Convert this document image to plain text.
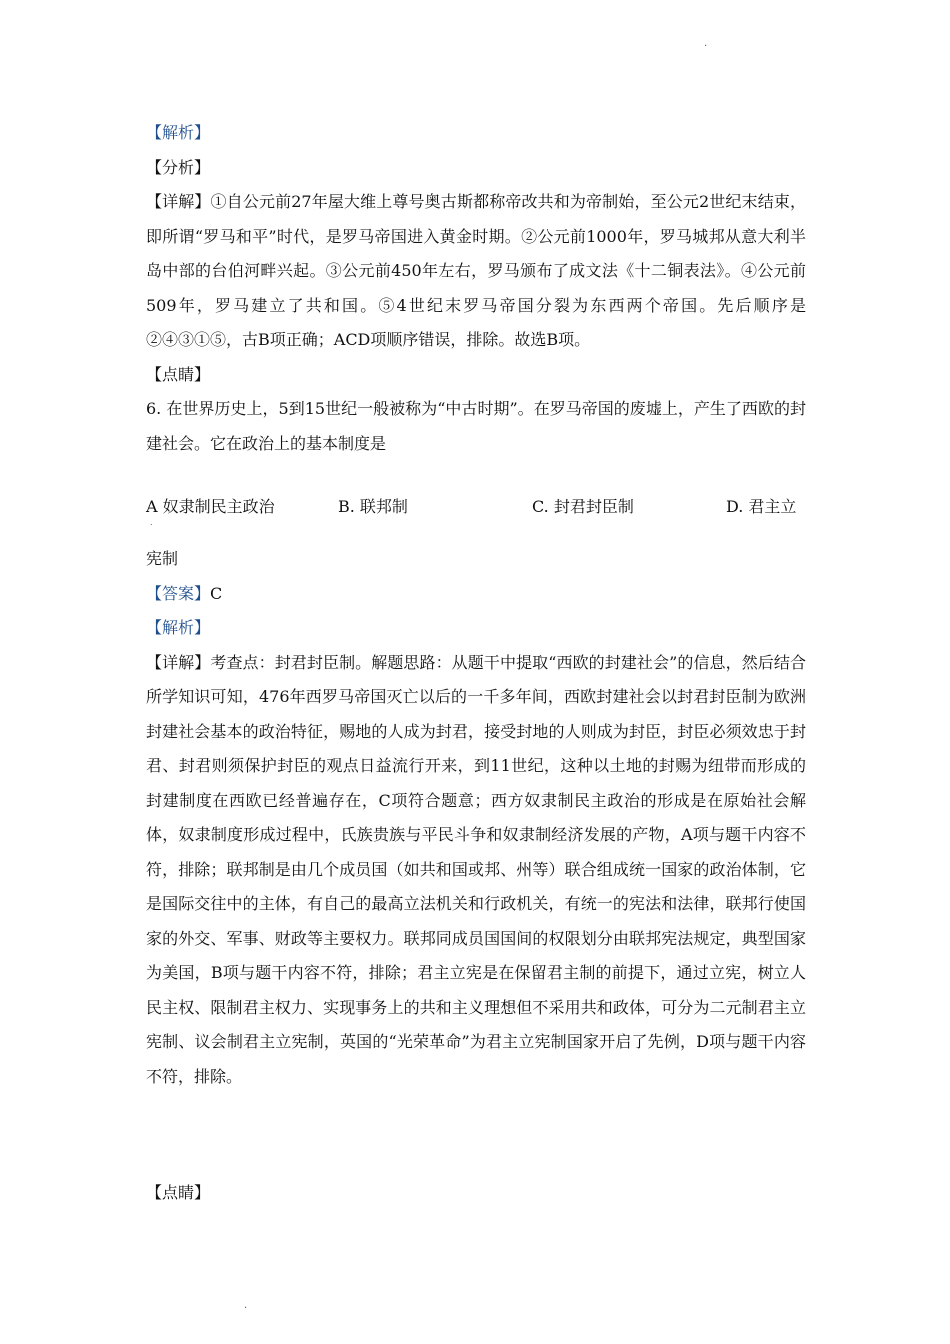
.
【解析】
【分析】

【详解】①自公元前27年屋大维上尊号奥古斯都称帝改共和为帝制始，至公元2世纪末结束，即所谓“罗马和平”时代，是罗马帝国进入黄金时期。②公元前1000年，罗马城邦从意大利半岛中部的台伯河畔兴起。③公元前450年左右，罗马颁布了成文法《十二铜表法》。④公元前509年，罗马建立了共和国。⑤4世纪末罗马帝国分裂为东西两个帝国。先后顺序是②④③①⑤，古B项正确；ACD项顺序错误，排除。故选B项。

【点睛】

6. 在世界历史上，5到15世纪一般被称为“中古时期”。在罗马帝国的废墟上，产生了西欧的封建社会。它在政治上的基本制度是

A 奴隶制民主政治	B. 联邦制	C. 封君封臣制	D. 君主立
.
宪制
【答案】C
【解析】

【详解】考查点：封君封臣制。解题思路：从题干中提取“西欧的封建社会”的信息，然后结合所学知识可知，476年西罗马帝国灭亡以后的一千多年间，西欧封建社会以封君封臣制为欧洲封建社会基本的政治特征，赐地的人成为封君，接受封地的人则成为封臣，封臣必须效忠于封君、封君则须保护封臣的观点日益流行开来，到11世纪，这种以土地的封赐为纽带而形成的封建制度在西欧已经普遍存在，C项符合题意；西方奴隶制民主政治的形成是在原始社会解体，奴隶制度形成过程中，氏族贵族与平民斗争和奴隶制经济发展的产物，A项与题干内容不符，排除；联邦制是由几个成员国（如共和国或邦、州等）联合组成统一国家的政治体制，它是国际交往中的主体，有自己的最高立法机关和行政机关，有统一的宪法和法律，联邦行使国家的外交、军事、财政等主要权力。联邦同成员国国间的权限划分由联邦宪法规定，典型国家为美国，B项与题干内容不符，排除；君主立宪是在保留君主制的前提下，通过立宪，树立人民主权、限制君主权力、实现事务上的共和主义理想但不采用共和政体，可分为二元制君主立宪制、议会制君主立宪制，英国的“光荣革命”为君主立宪制国家开启了先例，D项与题干内容不符，排除。

【点睛】
.
